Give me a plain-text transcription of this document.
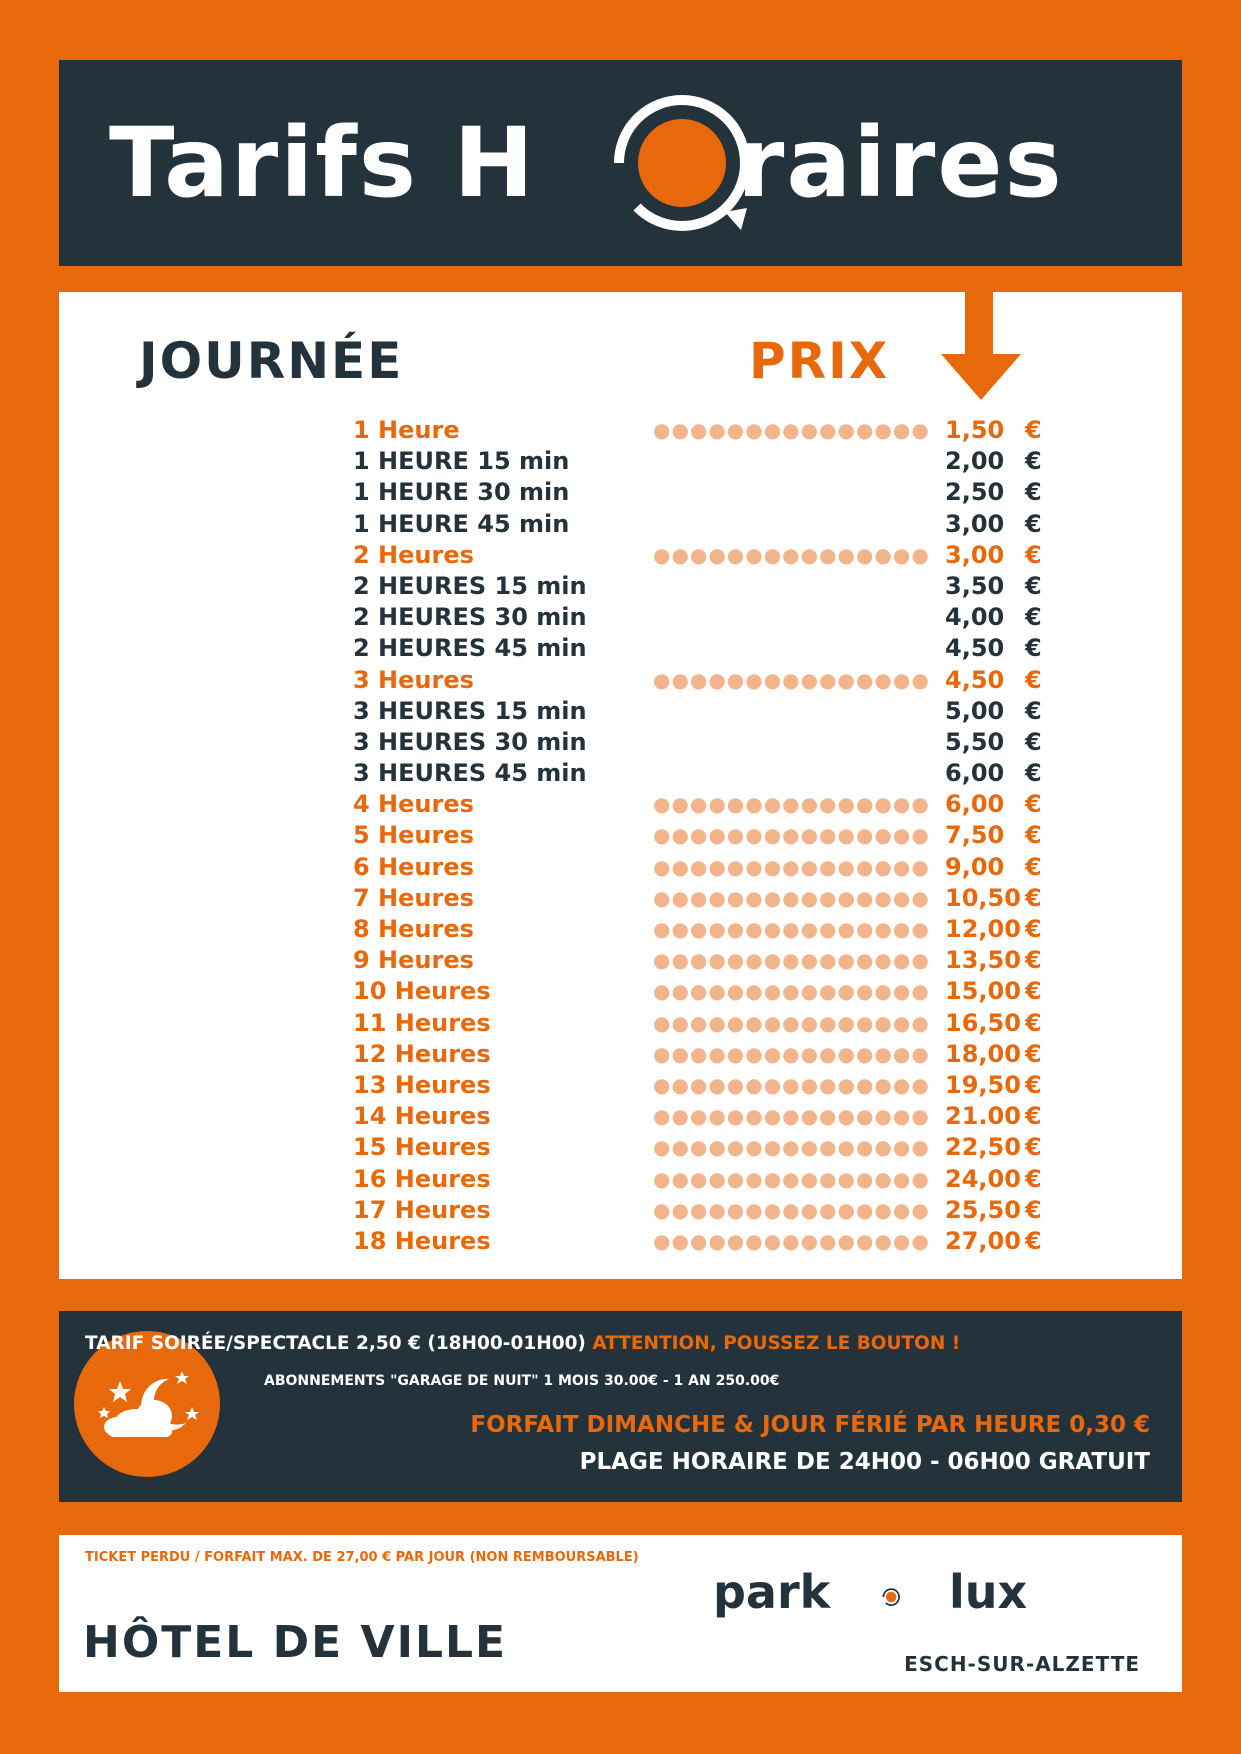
Tarifs H raires
JOURNÉE	PRIX
1 Heure	●●●●●●●●●●●●●●● 1,50 €
1 HEURE 15 min	2,00 €
1 HEURE 30 min	2,50 €
1 HEURE 45 min	3,00 €
2 Heures	●●●●●●●●●●●●●●● 3,00 €
2 HEURES 15 min	3,50 €
2 HEURES 30 min	4,00 €
2 HEURES 45 min	4,50 €
3 Heures	●●●●●●●●●●●●●●● 4,50 €
3 HEURES 15 min	5,00 €
3 HEURES 30 min	5,50 €
3 HEURES 45 min	6,00 €
4 Heures	●●●●●●●●●●●●●●● 6,00 €
5 Heures	●●●●●●●●●●●●●●● 7,50 €
6 Heures	●●●●●●●●●●●●●●● 9,00 €
7 Heures	●●●●●●●●●●●●●●● 10,50 €
8 Heures	●●●●●●●●●●●●●●● 12,00 €
9 Heures	●●●●●●●●●●●●●●● 13,50 €
10 Heures	●●●●●●●●●●●●●●● 15,00 €
11 Heures	●●●●●●●●●●●●●●● 16,50 €
12 Heures	●●●●●●●●●●●●●●● 18,00 €
13 Heures	●●●●●●●●●●●●●●● 19,50 €
14 Heures	●●●●●●●●●●●●●●● 21.00 €
15 Heures	●●●●●●●●●●●●●●● 22,50 €
16 Heures	●●●●●●●●●●●●●●● 24,00 €
17 Heures	●●●●●●●●●●●●●●● 25,50 €
18 Heures	●●●●●●●●●●●●●●● 27,00 €
TARIF SOIRÉE/SPECTACLE 2,50 € (18H00-01H00) ATTENTION, POUSSEZ LE BOUTON !
ABONNEMENTS "GARAGE DE NUIT" 1 MOIS 30.00€ - 1 AN 250.00€
FORFAIT DIMANCHE & JOUR FÉRIÉ PAR HEURE 0,30 €
PLAGE HORAIRE DE 24H00 - 06H00 GRATUIT
TICKET PERDU / FORFAIT MAX. DE 27,00 € PAR JOUR (NON REMBOURSABLE)
HÔTEL DE VILLE
park	lux
ESCH-SUR-ALZETTE
